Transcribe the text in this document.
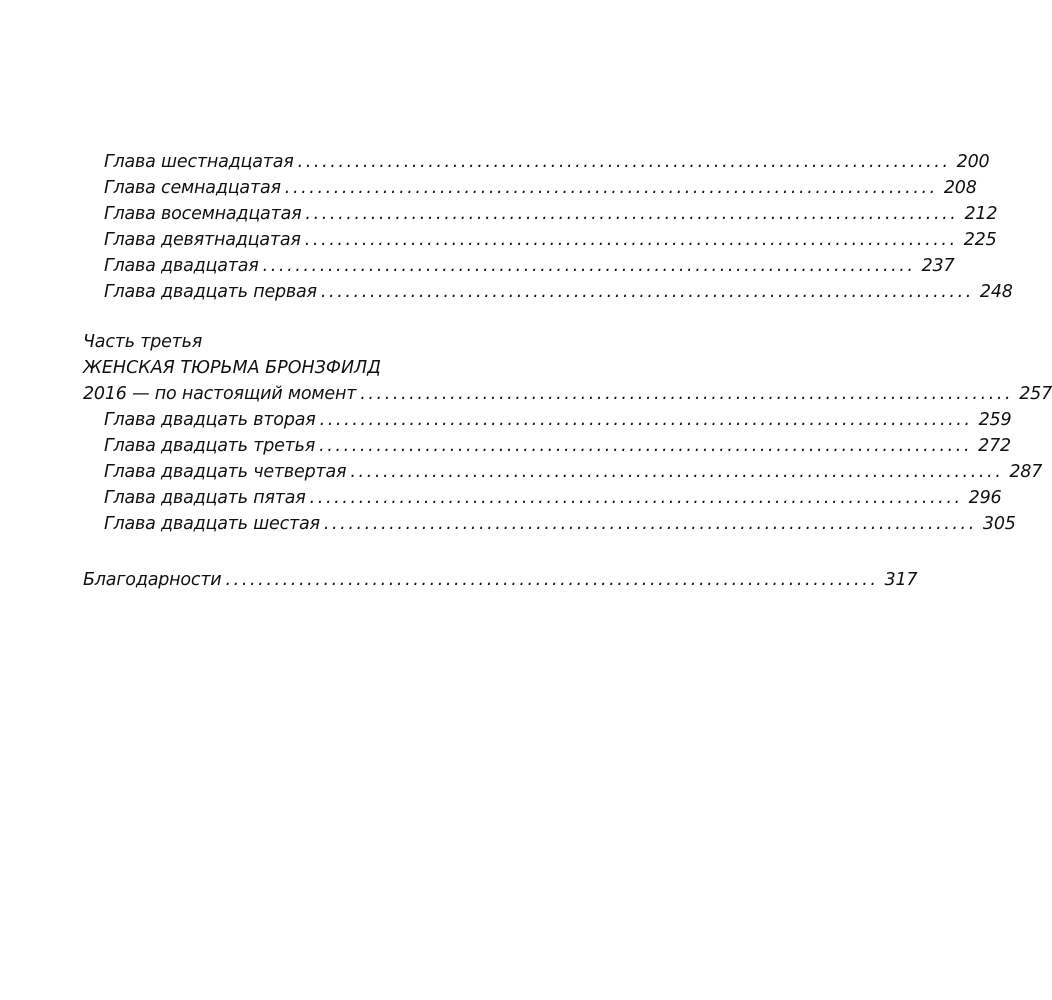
Глава шестнадцатая ................................................................................ 200
Глава семнадцатая ................................................................................ 208
Глава восемнадцатая ................................................................................ 212
Глава девятнадцатая ................................................................................ 225
Глава двадцатая ................................................................................ 237
Глава двадцать первая ................................................................................ 248
Часть третья
ЖЕНСКАЯ ТЮРЬМА БРОНЗФИЛД
2016 — по настоящий момент ................................................................................ 257
Глава двадцать вторая ................................................................................ 259
Глава двадцать третья ................................................................................ 272
Глава двадцать четвертая ................................................................................ 287
Глава двадцать пятая ................................................................................ 296
Глава двадцать шестая ................................................................................ 305
Благодарности ................................................................................ 317
